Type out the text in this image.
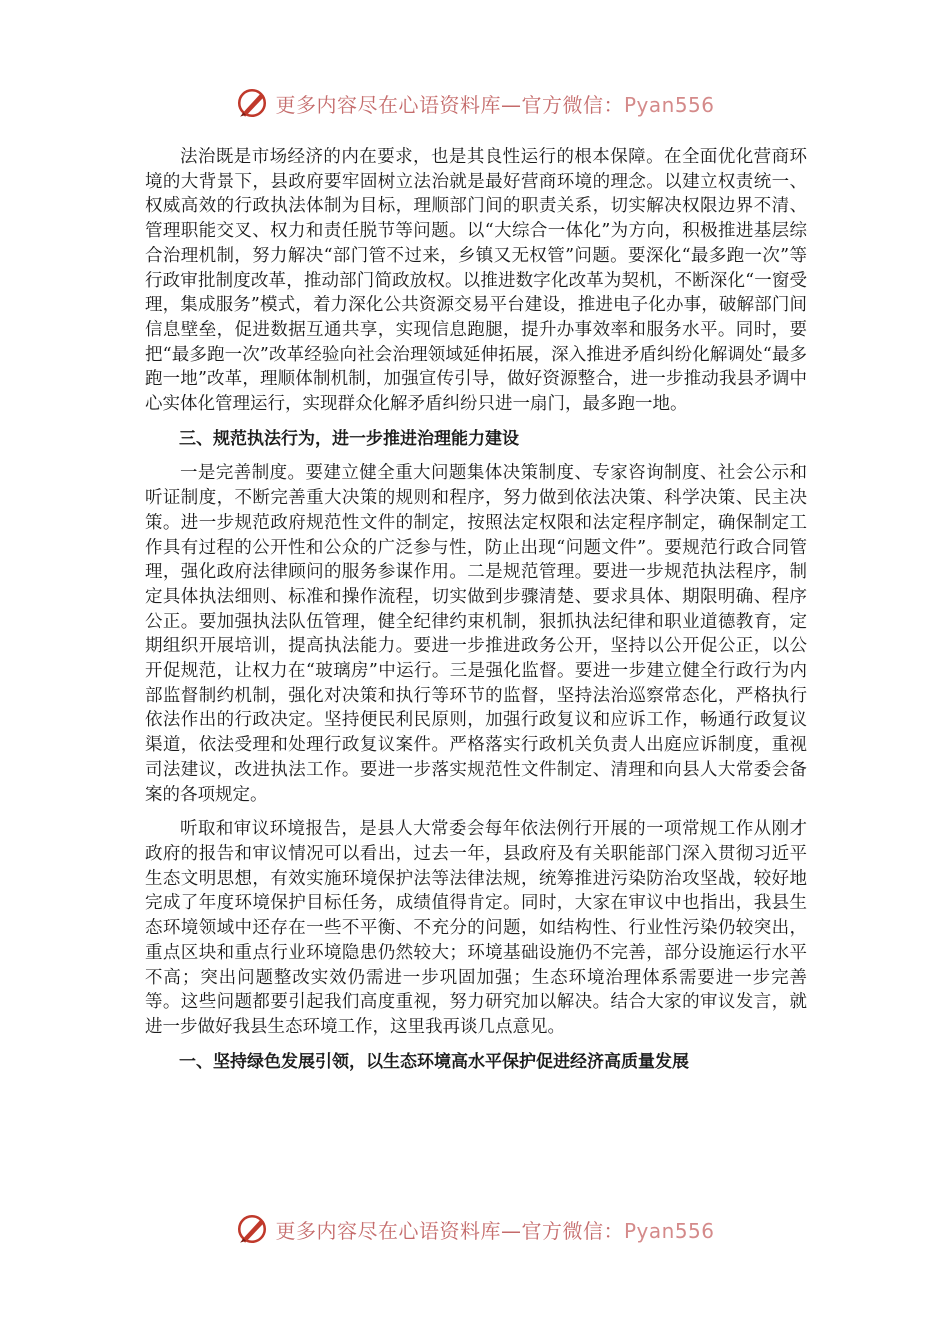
更多内容尽在心语资料库—官方微信：Pyan556

法治既是市场经济的内在要求，也是其良性运行的根本保障。在全面优化营商环境的大背景下，县政府要牢固树立法治就是最好营商环境的理念。以建立权责统一、权威高效的行政执法体制为目标，理顺部门间的职责关系，切实解决权限边界不清、管理职能交叉、权力和责任脱节等问题。以“大综合一体化”为方向，积极推进基层综合治理机制，努力解决“部门管不过来，乡镇又无权管”问题。要深化“最多跑一次”等行政审批制度改革，推动部门简政放权。以推进数字化改革为契机，不断深化“一窗受理，集成服务”模式，着力深化公共资源交易平台建设，推进电子化办事，破解部门间信息壁垒，促进数据互通共享，实现信息跑腿，提升办事效率和服务水平。同时，要把“最多跑一次”改革经验向社会治理领域延伸拓展，深入推进矛盾纠纷化解调处“最多跑一地”改革，理顺体制机制，加强宣传引导，做好资源整合，进一步推动我县矛调中心实体化管理运行，实现群众化解矛盾纠纷只进一扇门，最多跑一地。

三、规范执法行为，进一步推进治理能力建设

一是完善制度。要建立健全重大问题集体决策制度、专家咨询制度、社会公示和听证制度，不断完善重大决策的规则和程序，努力做到依法决策、科学决策、民主决策。进一步规范政府规范性文件的制定，按照法定权限和法定程序制定，确保制定工作具有过程的公开性和公众的广泛参与性，防止出现“问题文件”。要规范行政合同管理，强化政府法律顾问的服务参谋作用。二是规范管理。要进一步规范执法程序，制定具体执法细则、标准和操作流程，切实做到步骤清楚、要求具体、期限明确、程序公正。要加强执法队伍管理，健全纪律约束机制，狠抓执法纪律和职业道德教育，定期组织开展培训，提高执法能力。要进一步推进政务公开，坚持以公开促公正，以公开促规范，让权力在“玻璃房”中运行。三是强化监督。要进一步建立健全行政行为内部监督制约机制，强化对决策和执行等环节的监督，坚持法治巡察常态化，严格执行依法作出的行政决定。坚持便民利民原则，加强行政复议和应诉工作，畅通行政复议渠道，依法受理和处理行政复议案件。严格落实行政机关负责人出庭应诉制度，重视司法建议，改进执法工作。要进一步落实规范性文件制定、清理和向县人大常委会备案的各项规定。

听取和审议环境报告，是县人大常委会每年依法例行开展的一项常规工作从刚才政府的报告和审议情况可以看出，过去一年，县政府及有关职能部门深入贯彻习近平生态文明思想，有效实施环境保护法等法律法规，统筹推进污染防治攻坚战，较好地完成了年度环境保护目标任务，成绩值得肯定。同时，大家在审议中也指出，我县生态环境领域中还存在一些不平衡、不充分的问题，如结构性、行业性污染仍较突出，重点区块和重点行业环境隐患仍然较大；环境基础设施仍不完善，部分设施运行水平不高；突出问题整改实效仍需进一步巩固加强；生态环境治理体系需要进一步完善等。这些问题都要引起我们高度重视，努力研究加以解决。结合大家的审议发言，就进一步做好我县生态环境工作，这里我再谈几点意见。

一、坚持绿色发展引领，以生态环境高水平保护促进经济高质量发展

更多内容尽在心语资料库—官方微信：Pyan556
